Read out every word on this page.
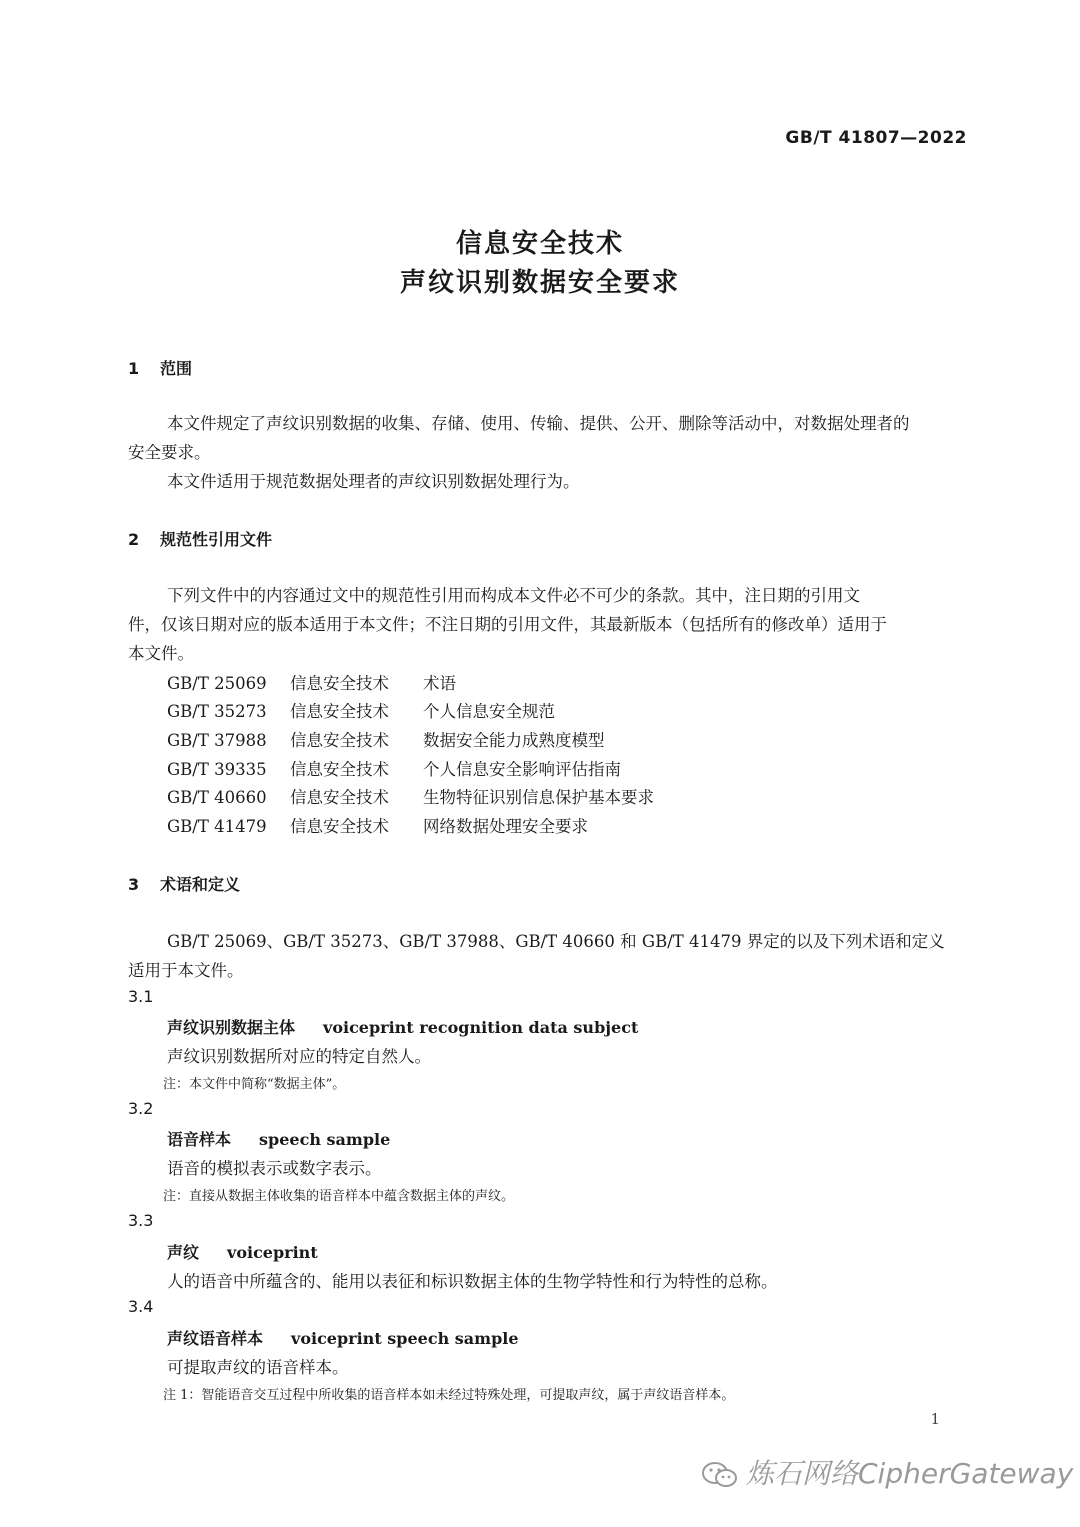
GB/T 41807—2022
信息安全技术
声纹识别数据安全要求
1 范围
本文件规定了声纹识别数据的收集、存储、使用、传输、提供、公开、删除等活动中，对数据处理者的
安全要求。
本文件适用于规范数据处理者的声纹识别数据处理行为。
2 规范性引用文件
下列文件中的内容通过文中的规范性引用而构成本文件必不可少的条款。其中，注日期的引用文
件，仅该日期对应的版本适用于本文件；不注日期的引用文件，其最新版本（包括所有的修改单）适用于
本文件。
GB/T 25069 信息安全技术 术语
GB/T 35273 信息安全技术 个人信息安全规范
GB/T 37988 信息安全技术 数据安全能力成熟度模型
GB/T 39335 信息安全技术 个人信息安全影响评估指南
GB/T 40660 信息安全技术 生物特征识别信息保护基本要求
GB/T 41479 信息安全技术 网络数据处理安全要求
3 术语和定义
GB/T 25069、GB/T 35273、GB/T 37988、GB/T 40660 和 GB/T 41479 界定的以及下列术语和定义
适用于本文件。
3.1
声纹识别数据主体 voiceprint recognition data subject
声纹识别数据所对应的特定自然人。
注：本文件中简称“数据主体”。
3.2
语音样本 speech sample
语音的模拟表示或数字表示。
注：直接从数据主体收集的语音样本中蕴含数据主体的声纹。
3.3
声纹 voiceprint
人的语音中所蕴含的、能用以表征和标识数据主体的生物学特性和行为特性的总称。
3.4
声纹语音样本 voiceprint speech sample
可提取声纹的语音样本。
注 1：智能语音交互过程中所收集的语音样本如未经过特殊处理，可提取声纹，属于声纹语音样本。
1
炼石网络CipherGateway
